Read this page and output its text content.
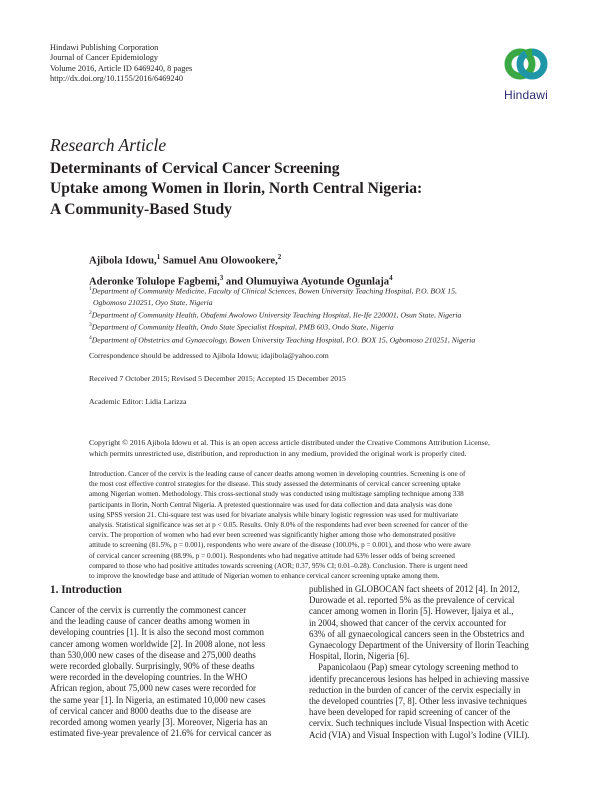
Hindawi Publishing Corporation
Journal of Cancer Epidemiology
Volume 2016, Article ID 6469240, 8 pages
http://dx.doi.org/10.1155/2016/6469240
Hindawi
Research Article
Determinants of Cervical Cancer Screening
Uptake among Women in Ilorin, North Central Nigeria:
A Community-Based Study
Ajibola Idowu,$^1$ Samuel Anu Olowookere,$^2$
Aderonke Tolulope Fagbemi,$^3$ and Olumuyiwa Ayotunde Ogunlaja$^4$
$^1$Department of Community Medicine, Faculty of Clinical Sciences, Bowen University Teaching Hospital, P.O. BOX 15,
Ogbomoso 210251, Oyo State, Nigeria
$^2$Department of Community Health, Obafemi Awolowo University Teaching Hospital, Ile-Ife 220001, Osun State, Nigeria
$^3$Department of Community Health, Ondo State Specialist Hospital, PMB 603, Ondo State, Nigeria
$^4$Department of Obstetrics and Gynaecology, Bowen University Teaching Hospital, P.O. BOX 15, Ogbomoso 210251, Nigeria
Correspondence should be addressed to Ajibola Idowu; idajibola@yahoo.com
Received 7 October 2015; Revised 5 December 2015; Accepted 15 December 2015
Academic Editor: Lidia Larizza
Copyright © 2016 Ajibola Idowu et al. This is an open access article distributed under the Creative Commons Attribution License,
which permits unrestricted use, distribution, and reproduction in any medium, provided the original work is properly cited.
Introduction. Cancer of the cervix is the leading cause of cancer deaths among women in developing countries. Screening is one of
the most cost effective control strategies for the disease. This study assessed the determinants of cervical cancer screening uptake
among Nigerian women. Methodology. This cross-sectional study was conducted using multistage sampling technique among 338
participants in Ilorin, North Central Nigeria. A pretested questionnaire was used for data collection and data analysis was done
using SPSS version 21. Chi-square test was used for bivariate analysis while binary logistic regression was used for multivariate
analysis. Statistical significance was set at p < 0.05. Results. Only 8.0% of the respondents had ever been screened for cancer of the
cervix. The proportion of women who had ever been screened was significantly higher among those who demonstrated positive
attitude to screening (81.5%, p = 0.001), respondents who were aware of the disease (100.0%, p = 0.001), and those who were aware
of cervical cancer screening (88.9%, p = 0.001). Respondents who had negative attitude had 63% lesser odds of being screened
compared to those who had positive attitudes towards screening (AOR; 0.37, 95% CI; 0.01–0.28). Conclusion. There is urgent need
to improve the knowledge base and attitude of Nigerian women to enhance cervical cancer screening uptake among them.
1. Introduction
Cancer of the cervix is currently the commonest cancer
and the leading cause of cancer deaths among women in
developing countries [1]. It is also the second most common
cancer among women worldwide [2]. In 2008 alone, not less
than 530,000 new cases of the disease and 275,000 deaths
were recorded globally. Surprisingly, 90% of these deaths
were recorded in the developing countries. In the WHO
African region, about 75,000 new cases were recorded for
the same year [1]. In Nigeria, an estimated 10,000 new cases
of cervical cancer and 8000 deaths due to the disease are
recorded among women yearly [3]. Moreover, Nigeria has an
estimated five-year prevalence of 21.6% for cervical cancer as
published in GLOBOCAN fact sheets of 2012 [4]. In 2012,
Durowade et al. reported 5% as the prevalence of cervical
cancer among women in Ilorin [5]. However, Ijaiya et al.,
in 2004, showed that cancer of the cervix accounted for
63% of all gynaecological cancers seen in the Obstetrics and
Gynaecology Department of the University of Ilorin Teaching
Hospital, Ilorin, Nigeria [6].
Papanicolaou (Pap) smear cytology screening method to
identify precancerous lesions has helped in achieving massive
reduction in the burden of cancer of the cervix especially in
the developed countries [7, 8]. Other less invasive techniques
have been developed for rapid screening of cancer of the
cervix. Such techniques include Visual Inspection with Acetic
Acid (VIA) and Visual Inspection with Lugol’s Iodine (VILI).
